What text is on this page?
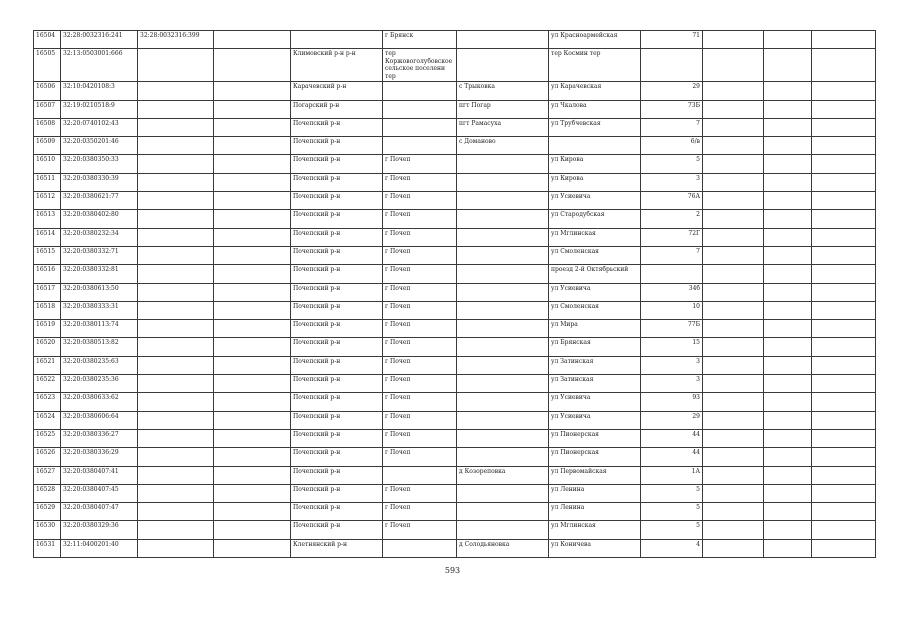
16504	32:28:0032316:241	32:28:0032316:399			г Брянск		ул Красноармейская	71			
16505	32:13:0503001:666			Климовский р-н р-н	тер Коржовоголубовское сельское поселени тер		тер Космин тер				
16506	32:10:0420108:3			Карачевский р-н		с Трыковка	ул Карачевская	29			
16507	32:19:0210518:9			Погарский р-н		пгт Погар	ул Чкалова	73Б			
16508	32:20:0740102:43			Почепский р-н		пгт Рамасуха	ул Трубчевская	7			
16509	32:20:0350201:46			Почепский р-н		с Доманово		6/в			
16510	32:20:0380350:33			Почепский р-н	г Почеп		ул Кирова	5			
16511	32:20:0380330:39			Почепский р-н	г Почеп		ул Кирова	3			
16512	32:20:0380621:77			Почепский р-н	г Почеп		ул Усиевича	76А			
16513	32:20:0380402:80			Почепский р-н	г Почеп		ул Стародубская	2			
16514	32:20:0380232:34			Почепский р-н	г Почеп		ул Мглинская	72Г			
16515	32:20:0380332:71			Почепский р-н	г Почеп		ул Смоленская	7			
16516	32:20:0380332:81			Почепский р-н	г Почеп		проезд 2-й Октябрьский				
16517	32:20:0380613:50			Почепский р-н	г Почеп		ул Усиевича	34б			
16518	32:20:0380333:31			Почепский р-н	г Почеп		ул Смоленская	10			
16519	32:20:0380113:74			Почепский р-н	г Почеп		ул Мира	77Б			
16520	32:20:0380513:82			Почепский р-н	г Почеп		ул Брянская	15			
16521	32:20:0380235:63			Почепский р-н	г Почеп		ул Затинская	3			
16522	32:20:0380235:36			Почепский р-н	г Почеп		ул Затинская	3			
16523	32:20:0380633:62			Почепский р-н	г Почеп		ул Усиевича	93			
16524	32:20:0380606:64			Почепский р-н	г Почеп		ул Усиевича	29			
16525	32:20:0380336:27			Почепский р-н	г Почеп		ул Пионерская	44			
16526	32:20:0380336:29			Почепский р-н	г Почеп		ул Пионерская	44			
16527	32:20:0380407:41			Почепский р-н		д Козореповка	ул Первомайская	1А			
16528	32:20:0380407:45			Почепский р-н	г Почеп		ул Ленина	5			
16529	32:20:0380407:47			Почепский р-н	г Почеп		ул Ленина	5			
16530	32:20:0380329:36			Почепский р-н	г Почеп		ул Мглинская	5			
16531	32:11:0400201:40			Клетнянский р-н		д Солодьяновка	ул Коничева	4			
593
